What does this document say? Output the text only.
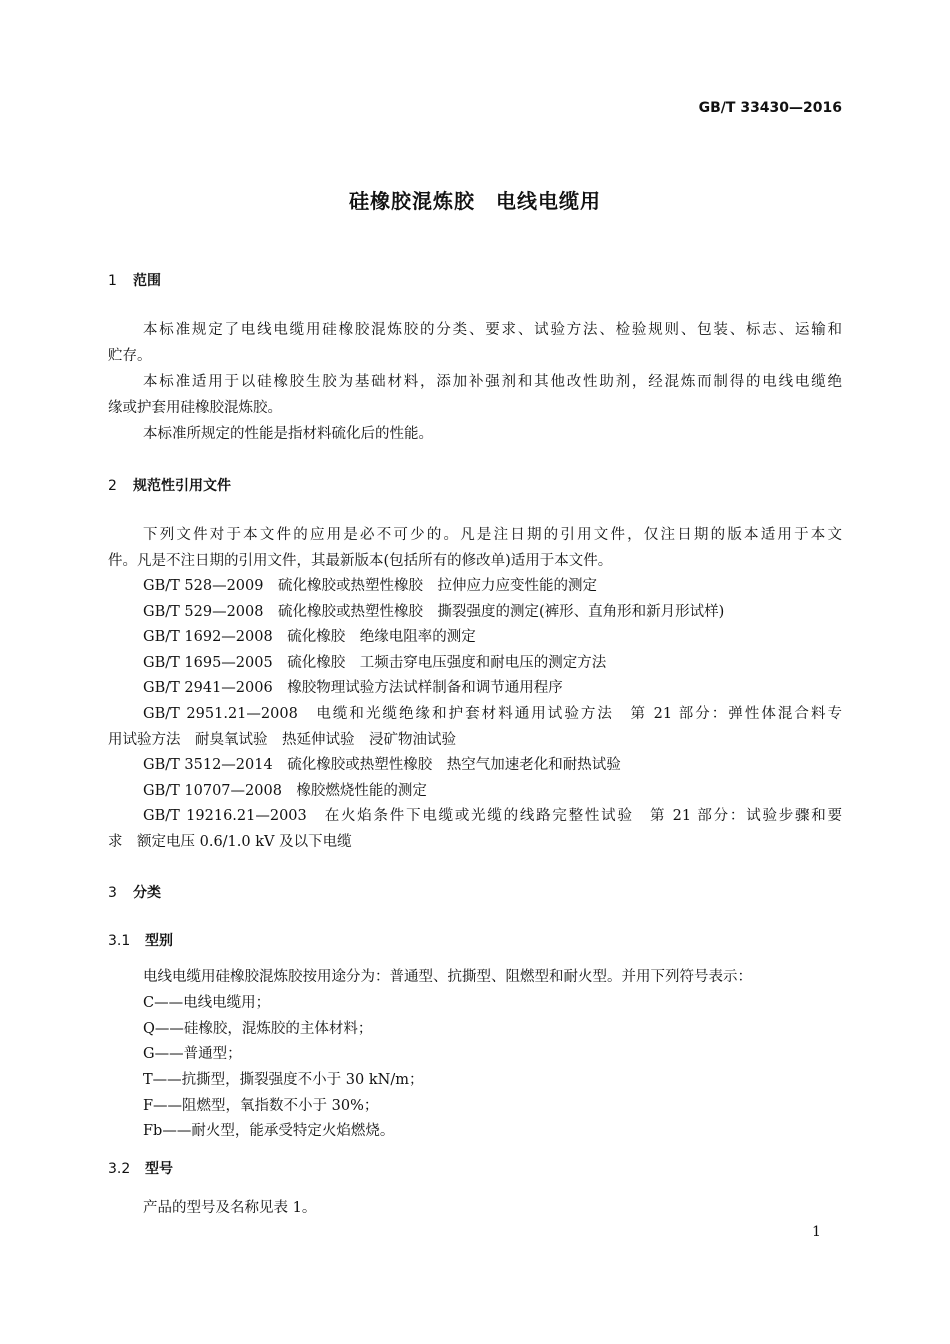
GB/T 33430—2016
硅橡胶混炼胶　电线电缆用
1 范围
本标准规定了电线电缆用硅橡胶混炼胶的分类、要求、试验方法、检验规则、包装、标志、运输和
贮存。
本标准适用于以硅橡胶生胶为基础材料，添加补强剂和其他改性助剂，经混炼而制得的电线电缆绝
缘或护套用硅橡胶混炼胶。
本标准所规定的性能是指材料硫化后的性能。
2 规范性引用文件
下列文件对于本文件的应用是必不可少的。凡是注日期的引用文件，仅注日期的版本适用于本文
件。凡是不注日期的引用文件，其最新版本(包括所有的修改单)适用于本文件。
GB/T 528—2009　硫化橡胶或热塑性橡胶　拉伸应力应变性能的测定
GB/T 529—2008　硫化橡胶或热塑性橡胶　撕裂强度的测定(裤形、直角形和新月形试样)
GB/T 1692—2008　硫化橡胶　绝缘电阻率的测定
GB/T 1695—2005　硫化橡胶　工频击穿电压强度和耐电压的测定方法
GB/T 2941—2006　橡胶物理试验方法试样制备和调节通用程序
GB/T 2951.21—2008　电缆和光缆绝缘和护套材料通用试验方法　第 21 部分：弹性体混合料专
用试验方法　耐臭氧试验　热延伸试验　浸矿物油试验
GB/T 3512—2014　硫化橡胶或热塑性橡胶　热空气加速老化和耐热试验
GB/T 10707—2008　橡胶燃烧性能的测定
GB/T 19216.21—2003　在火焰条件下电缆或光缆的线路完整性试验　第 21 部分：试验步骤和要
求　额定电压 0.6/1.0 kV 及以下电缆
3 分类
3.1 型别
电线电缆用硅橡胶混炼胶按用途分为：普通型、抗撕型、阻燃型和耐火型。并用下列符号表示：
C——电线电缆用；
Q——硅橡胶，混炼胶的主体材料；
G——普通型；
T——抗撕型，撕裂强度不小于 30 kN/m；
F——阻燃型，氧指数不小于 30%；
Fb——耐火型，能承受特定火焰燃烧。
3.2 型号
产品的型号及名称见表 1。
1
